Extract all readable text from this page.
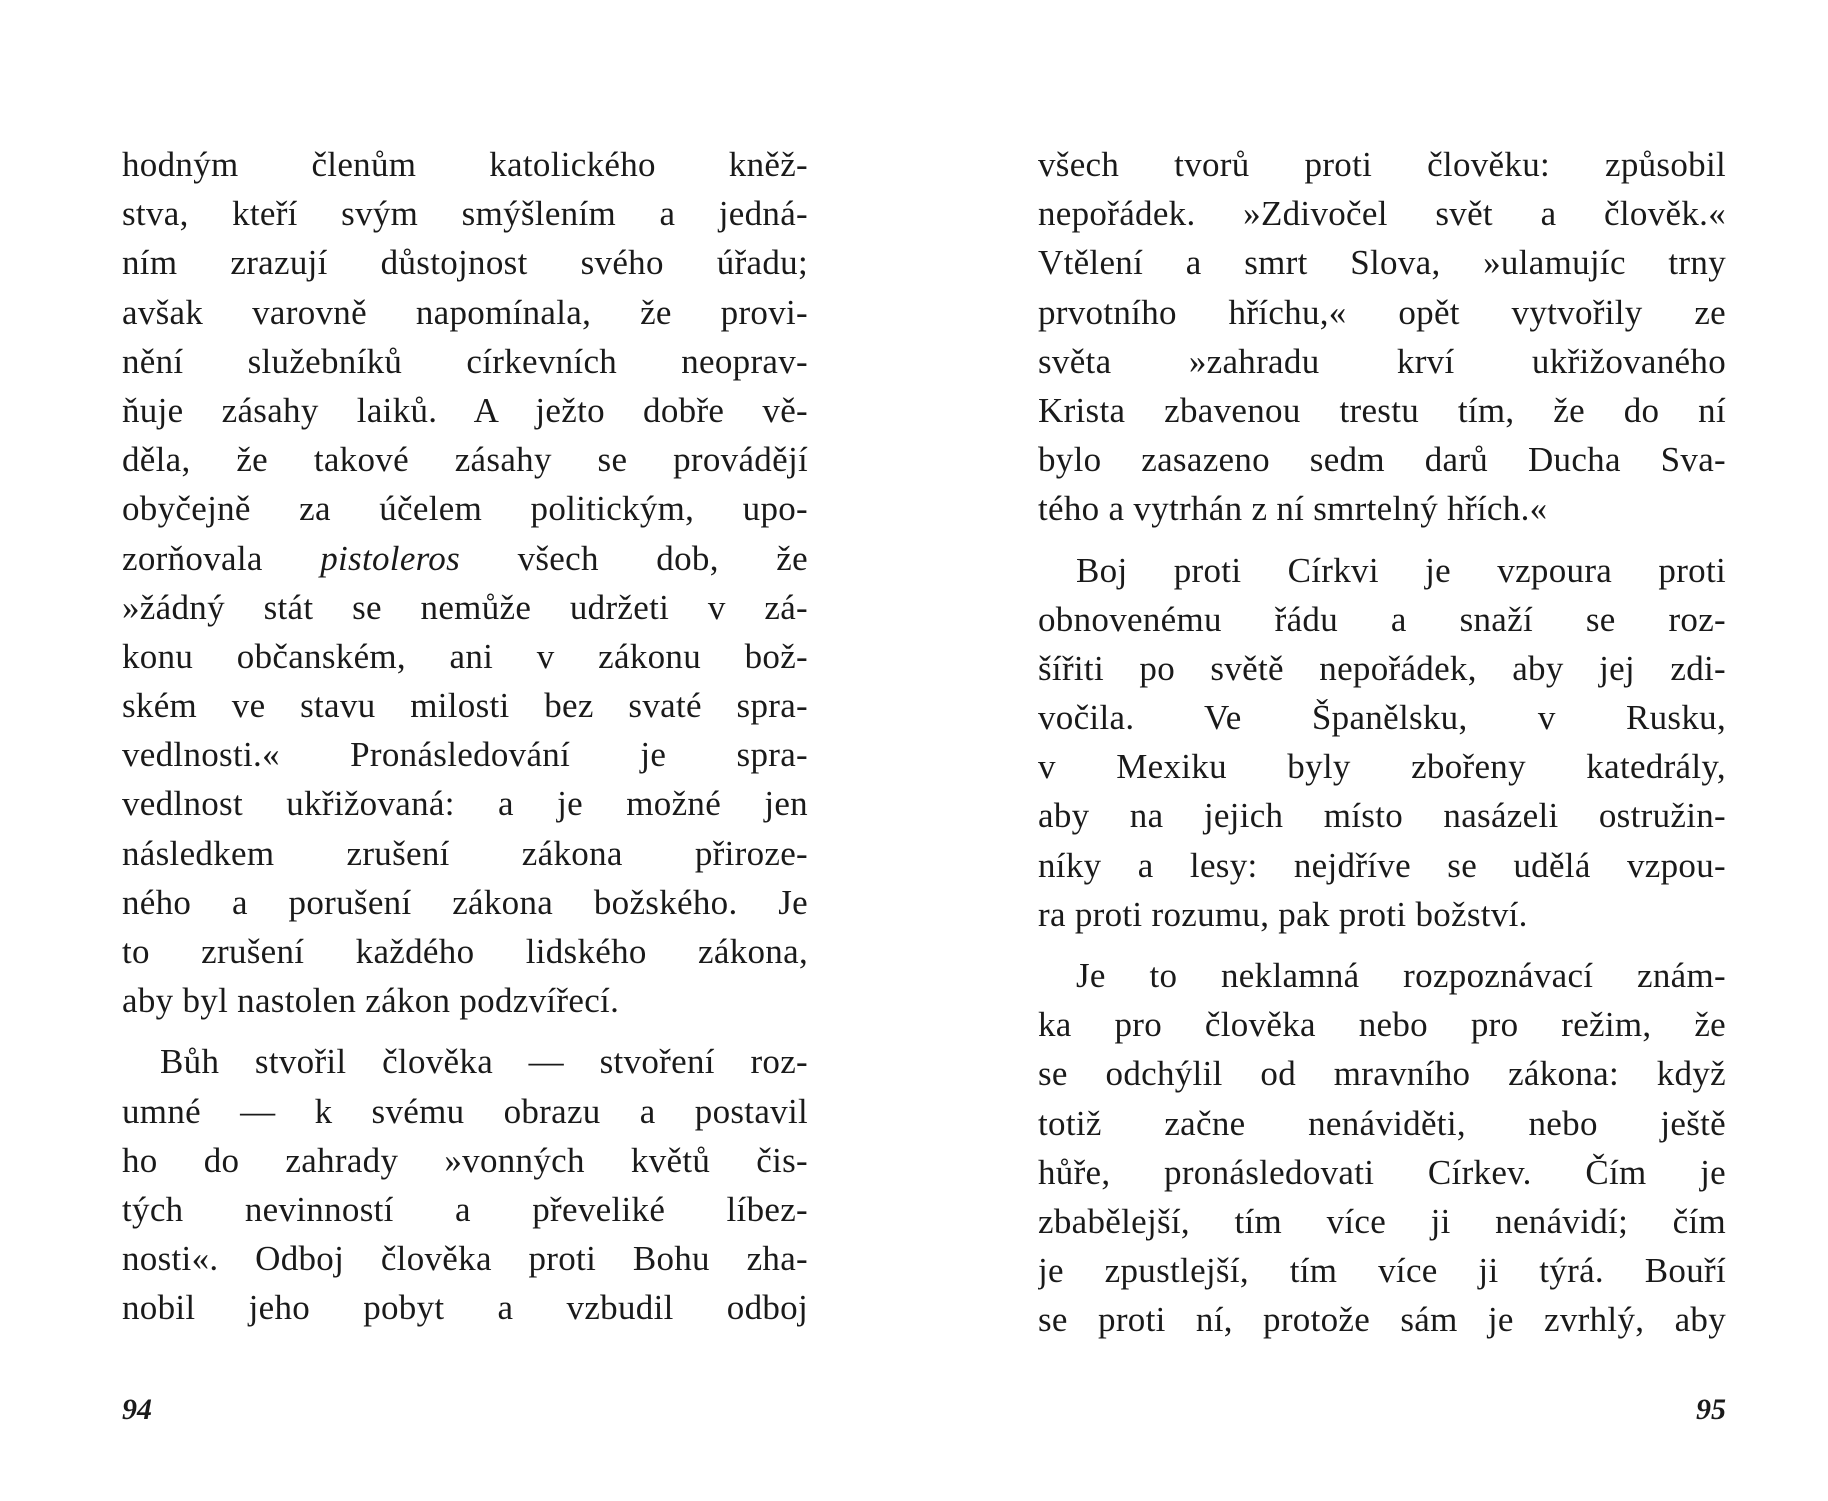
hodným členům katolického kněž-
stva, kteří svým smýšlením a jedná-
ním zrazují důstojnost svého úřadu;
avšak varovně napomínala, že provi-
nění služebníků církevních neoprav-
ňuje zásahy laiků. A ježto dobře vě-
děla, že takové zásahy se provádějí
obyčejně za účelem politickým, upo-
zorňovala pistoleros všech dob, že
»žádný stát se nemůže udržeti v zá-
konu občanském, ani v zákonu bož-
ském ve stavu milosti bez svaté spra-
vedlnosti.« Pronásledování je spra-
vedlnost ukřižovaná: a je možné jen
následkem zrušení zákona přiroze-
ného a porušení zákona božského. Je
to zrušení každého lidského zákona,
aby byl nastolen zákon podzvířecí.
Bůh stvořil člověka — stvoření roz-
umné — k svému obrazu a postavil
ho do zahrady »vonných květů čis-
tých nevinností a převeliké líbez-
nosti«. Odboj člověka proti Bohu zha-
nobil jeho pobyt a vzbudil odboj
94
všech tvorů proti člověku: způsobil
nepořádek. »Zdivočel svět a člověk.«
Vtělení a smrt Slova, »ulamujíc trny
prvotního hříchu,« opět vytvořily ze
světa »zahradu krví ukřižovaného
Krista zbavenou trestu tím, že do ní
bylo zasazeno sedm darů Ducha Sva-
tého a vytrhán z ní smrtelný hřích.«
Boj proti Církvi je vzpoura proti
obnovenému řádu a snaží se roz-
šířiti po světě nepořádek, aby jej zdi-
vočila. Ve Španělsku, v Rusku,
v Mexiku byly zbořeny katedrály,
aby na jejich místo nasázeli ostružin-
níky a lesy: nejdříve se udělá vzpou-
ra proti rozumu, pak proti božství.
Je to neklamná rozpoznávací znám-
ka pro člověka nebo pro režim, že
se odchýlil od mravního zákona: když
totiž začne nenáviděti, nebo ještě
hůře, pronásledovati Církev. Čím je
zbabělejší, tím více ji nenávidí; čím
je zpustlejší, tím více ji týrá. Bouří
se proti ní, protože sám je zvrhlý, aby
95
